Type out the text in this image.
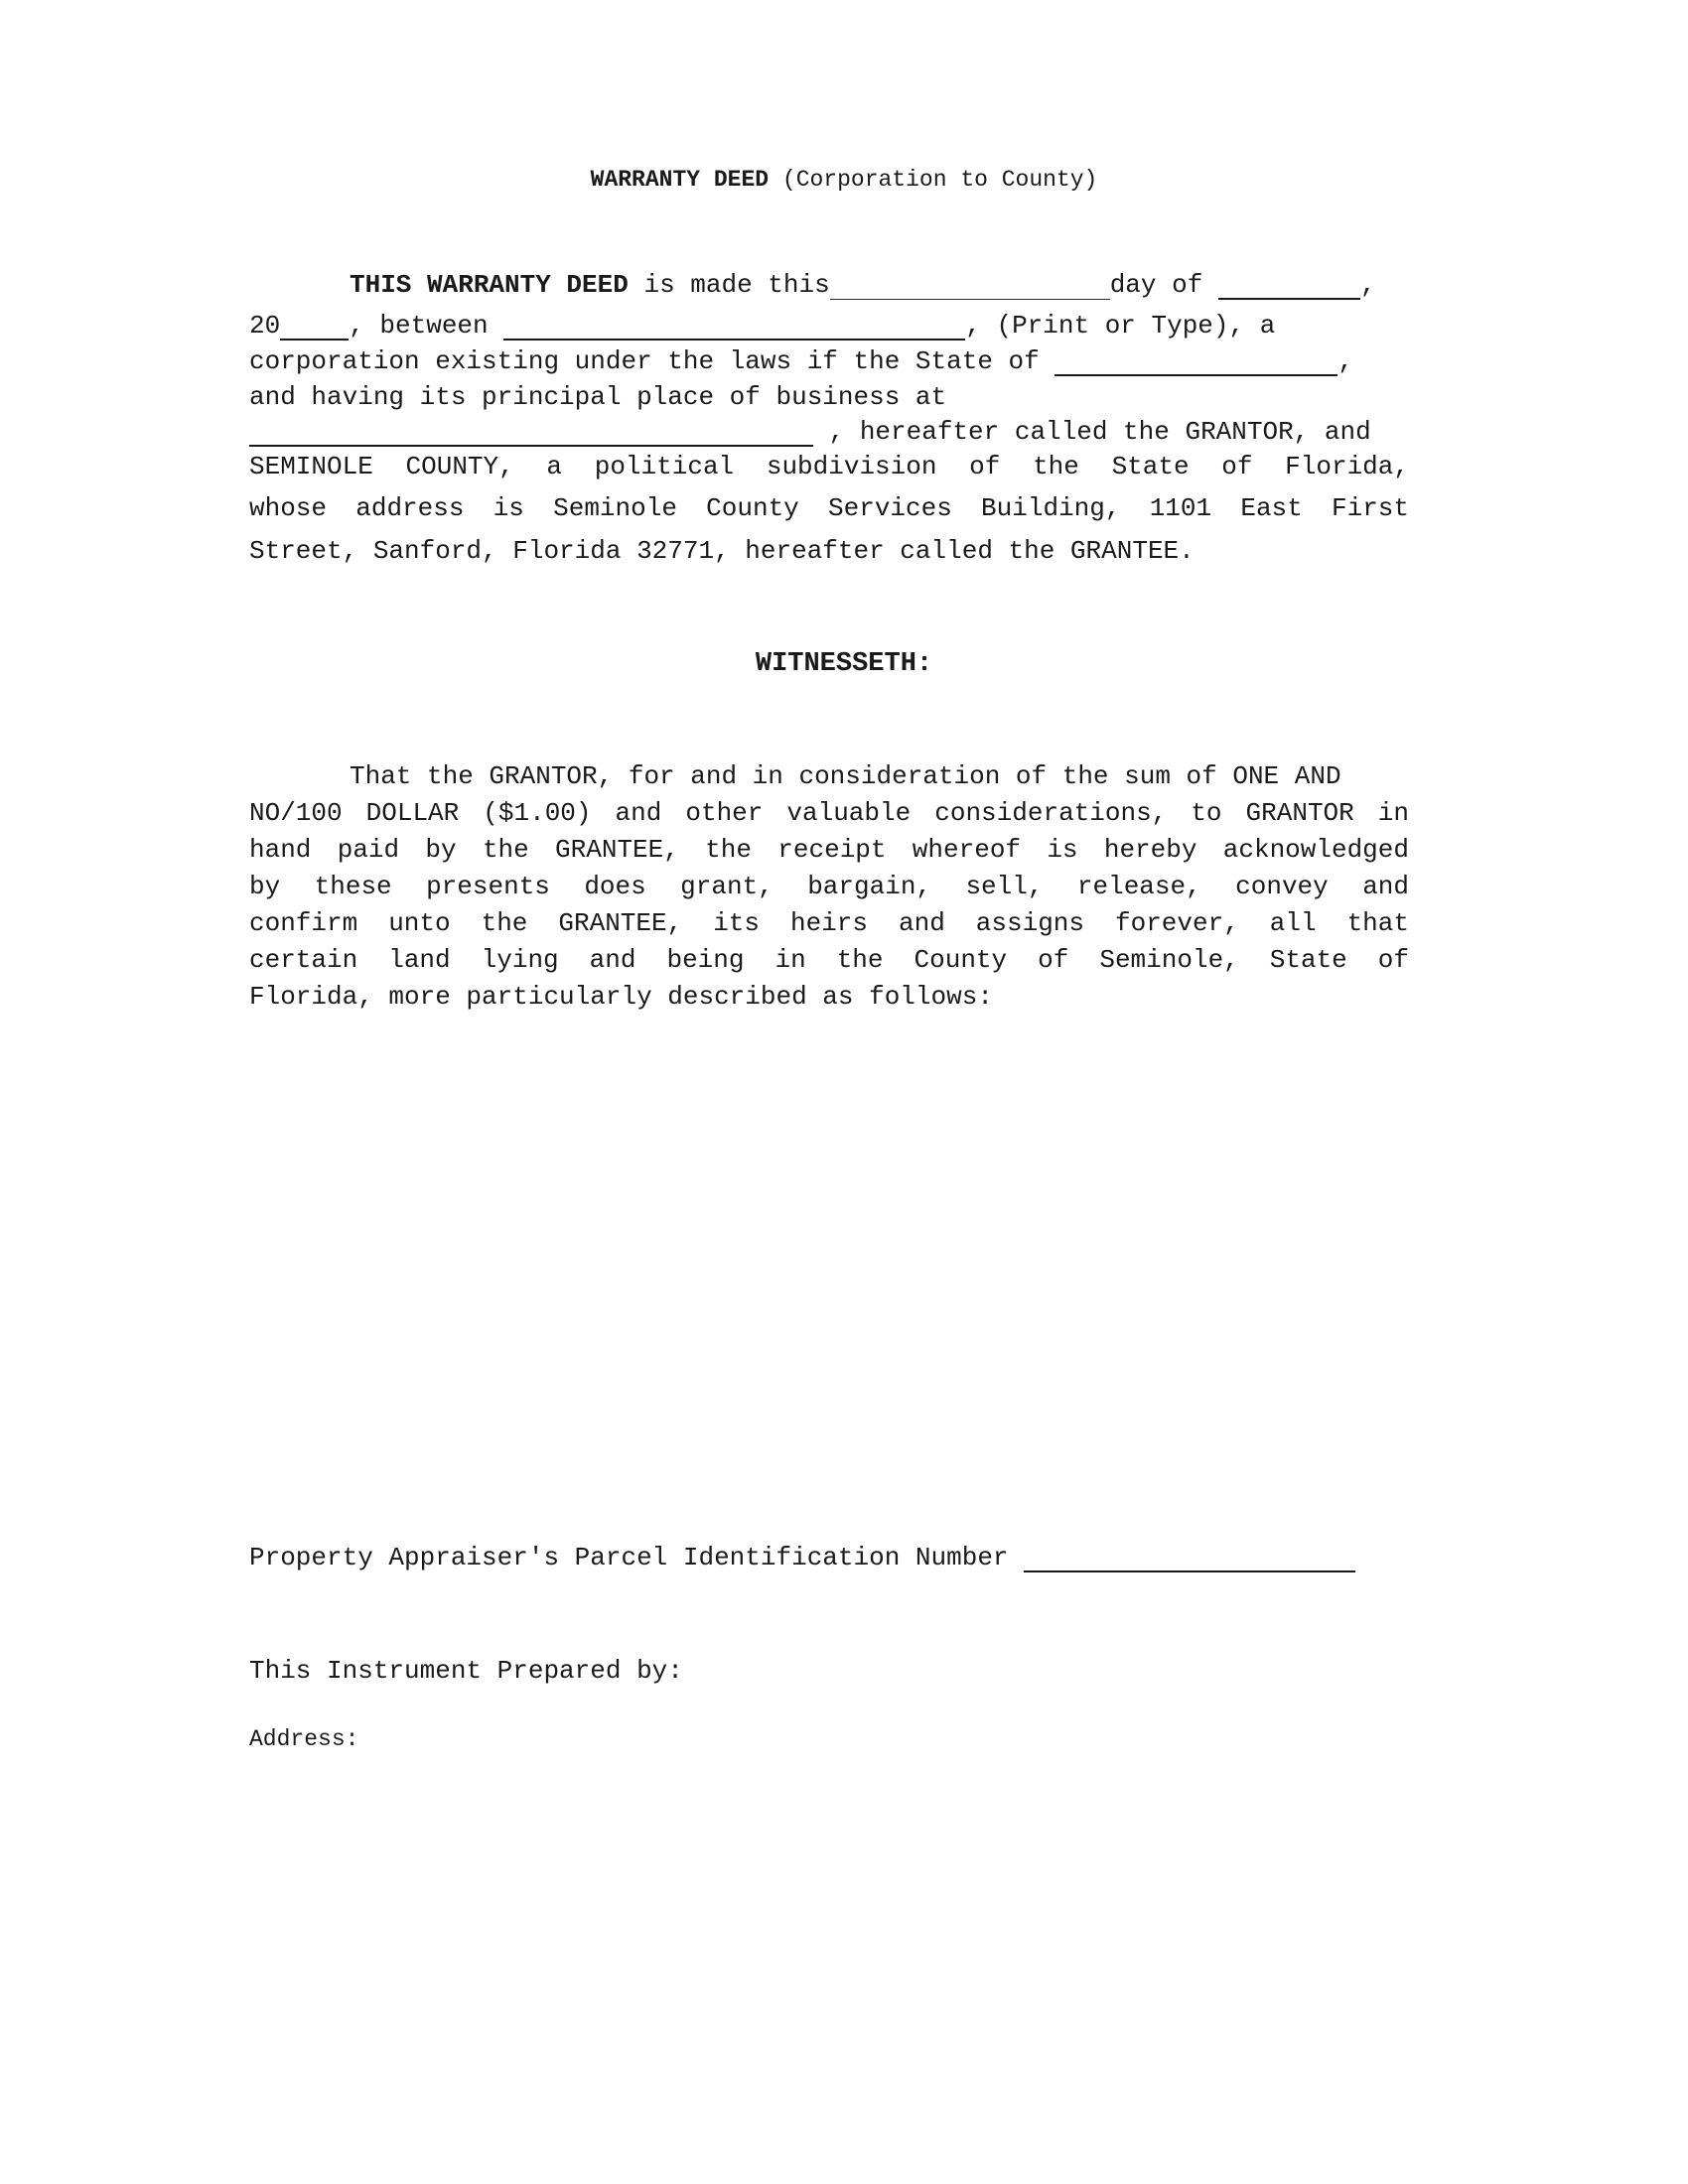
WARRANTY DEED (Corporation to County)
THIS WARRANTY DEED is made this	day of	,
20	, between	, (Print or Type), a
corporation existing under the laws if the State of	,
and having its principal place of business at
, hereafter called the GRANTOR, and
SEMINOLE COUNTY, a political subdivision of the State of Florida,
whose address is Seminole County Services Building, 1101 East First
Street, Sanford, Florida 32771, hereafter called the GRANTEE.
WITNESSETH:
That the GRANTOR, for and in consideration of the sum of ONE AND
NO/100 DOLLAR ($1.00) and other valuable considerations, to GRANTOR in
hand paid by the GRANTEE, the receipt whereof is hereby acknowledged
by these presents does grant, bargain, sell, release, convey and
confirm unto the GRANTEE, its heirs and assigns forever, all that
certain land lying and being in the County of Seminole, State of
Florida, more particularly described as follows:
Property Appraiser's Parcel Identification Number
This Instrument Prepared by:
Address:
